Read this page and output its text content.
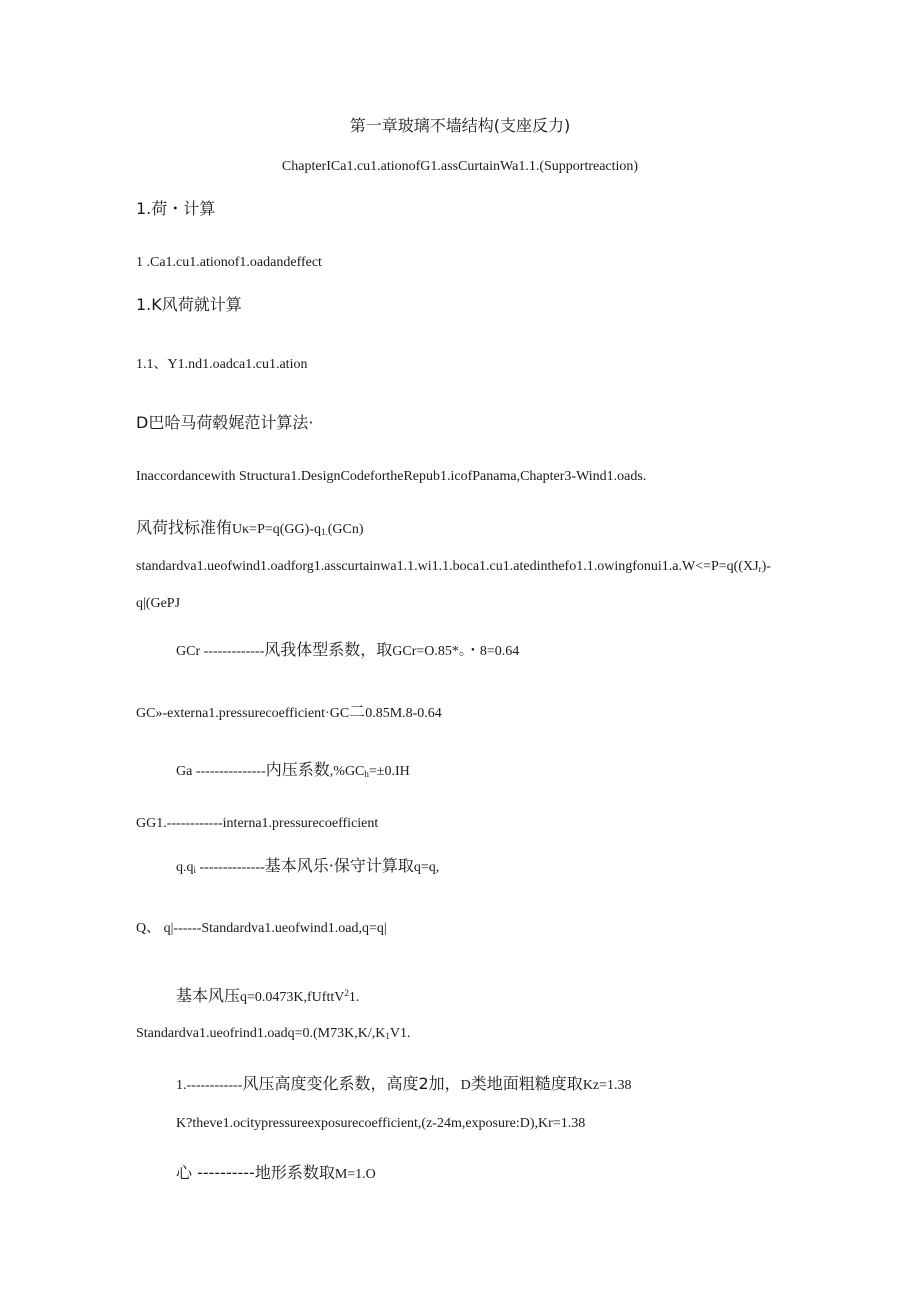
第一章玻璃不墙结构(支座反力)
ChapterICa1.cu1.ationofG1.assCurtainWa1.1.(Supportreaction)
1.荷・计算
1 .Ca1.cu1.ationof1.oadandeffect
1.K风荷就计算
1.1、Y1.nd1.oadca1.cu1.ation
D巴哈马荷毂娓范计算法·
Inaccordancewith Structura1.DesignCodefortheRepub1.icofPanama,Chapter3-Wind1.oads.
风荷找标准侑$U\kappa=P=q(GG)-q_{1.}(GCn)$
$standardva1.ueofwind1.oadforg1.asscurtainwa1.1.wi1.1.boca1.cu1.atedinthefo1.1.owingfonui1.a.W<=P=q((XJ_r)-$
q|(GePJ
GCr -------------风我体型系数，取GCr=O.85*。・8=0.64
GC»-externa1.pressurecoefficient·GC二0.85M.8-0.64
Ga ---------------内压系数$,\%GC_h=\pm 0.IH$
GG1.------------interna1.pressurecoefficient
$q.q_i$ --------------基本风乐·保守计算取q=q,
Q、 q|------Standardva1.ueofwind1.oad,q=q|
基本风压q=0.0473K,fUfttV$^2$1.
$Standardva1.ueofrind1.oadq=0.(M73K,K/,K_1V1$.
1.------------风压高度变化系数，高度2加，D类地面粗糙度取Kz=1.38
K?theve1.ocitypressureexposurecoefficient,(z-24m,exposure:D),Kr=1.38
心 ----------地形系数取M=1.O
